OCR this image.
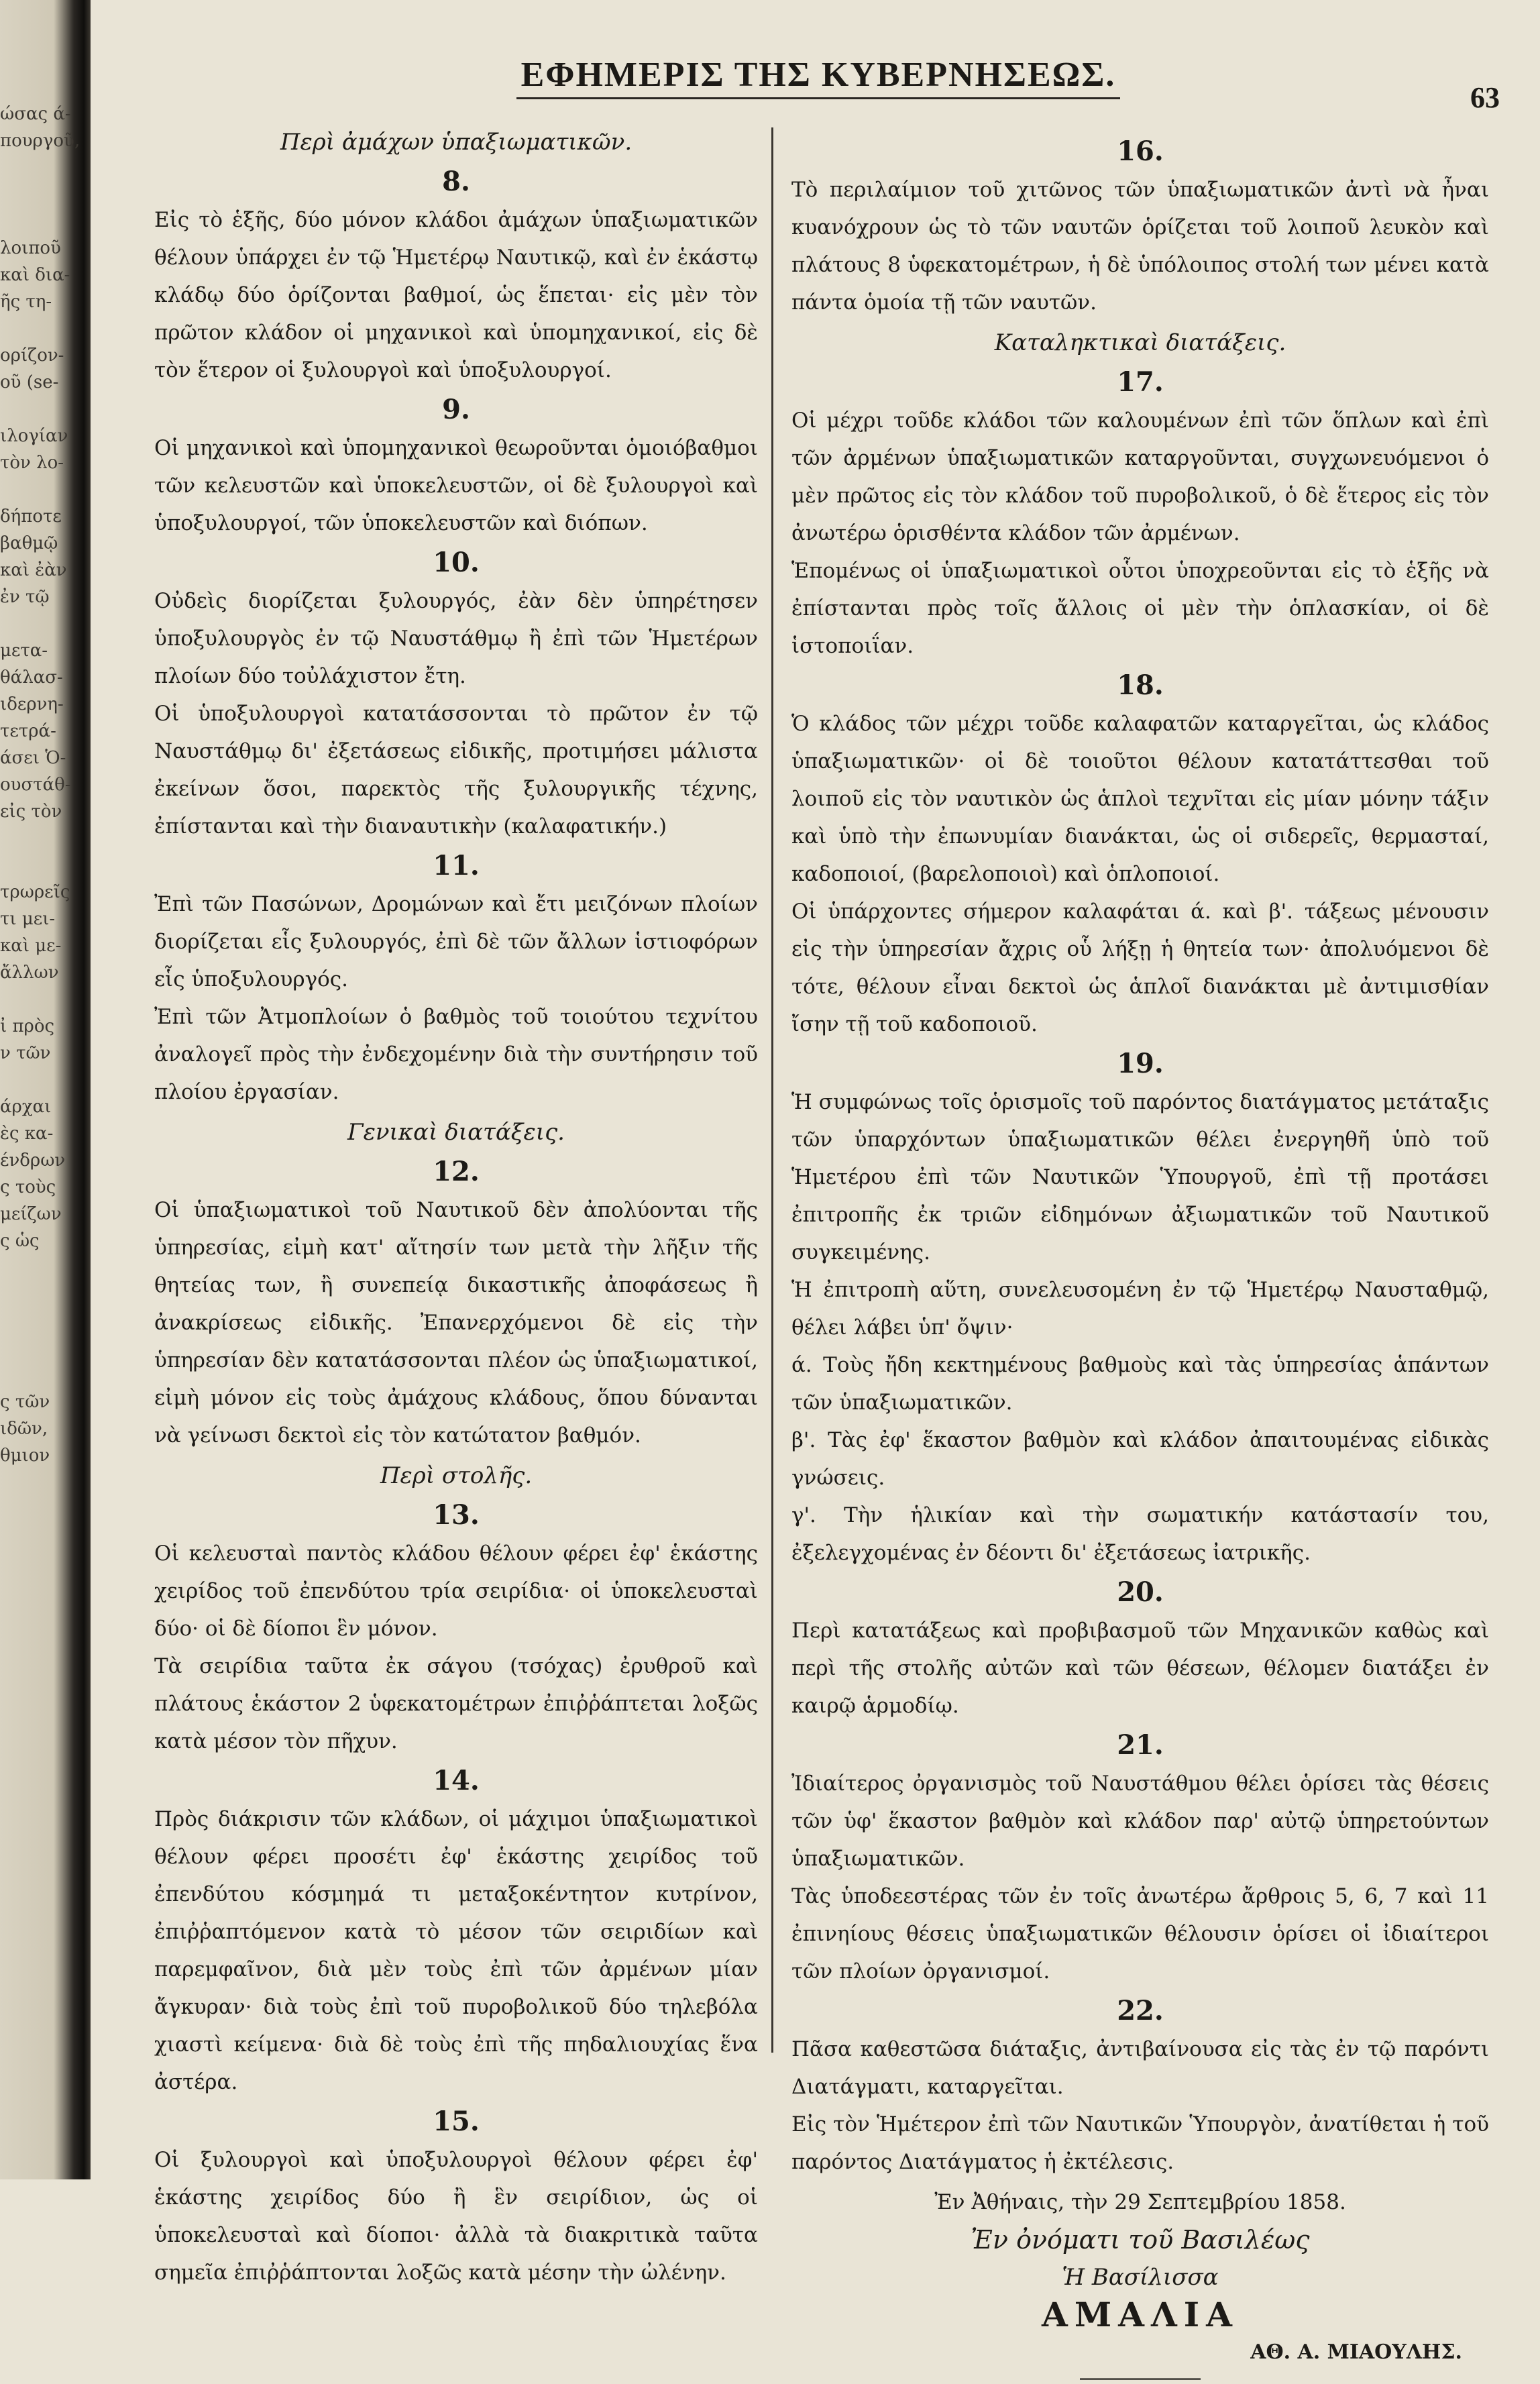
ώσας ά-
πουργοῦ,
λοιποῦ
καὶ δια-
ῆς τη-
ορίζον-
οῦ (se-
ιλογίαν
τὸν λο-
δήποτε
βαθμῷ
καὶ ἐὰν
ἐν τῷ
μετα-
θάλασ-
ιδερνη-
τετρά-
άσει Ὁ-
ουστάθ-
εἰς τὸν
τρωρεῖς
τι μει-
καὶ με-
ἄλλων
ἰ πρὸς
ν τῶν
άρχαι
ὲς κα-
ένδρων
ς τοὺς
μείζων
ς ὡς
ς τῶν
ιδῶν,
θμιον
ΕΦΗΜΕΡΙΣ ΤΗΣ ΚΥΒΕΡΝΗΣΕΩΣ.
63
Περὶ ἀμάχων ὑπαξιωματικῶν.
8.

Εἰς τὸ ἑξῆς, δύο μόνον κλάδοι ἀμάχων ὑπαξιωματικῶν θέλουν ὑπάρχει ἐν τῷ Ἡμετέρῳ Ναυτικῷ, καὶ ἐν ἑκάστῳ κλάδῳ δύο ὁρίζονται βαθμοί, ὡς ἕπεται· εἰς μὲν τὸν πρῶτον κλάδον οἱ μηχανικοὶ καὶ ὑπομηχανικοί, εἰς δὲ τὸν ἕτερον οἱ ξυλουργοὶ καὶ ὑποξυλουργοί.

9.

Οἱ μηχανικοὶ καὶ ὑπομηχανικοὶ θεωροῦνται ὁμοιόβαθμοι τῶν κελευστῶν καὶ ὑποκελευστῶν, οἱ δὲ ξυλουργοὶ καὶ ὑποξυλουργοί, τῶν ὑποκελευστῶν καὶ διόπων.

10.

Οὐδεὶς διορίζεται ξυλουργός, ἐὰν δὲν ὑπηρέτησεν ὑποξυλουργὸς ἐν τῷ Ναυστάθμῳ ἢ ἐπὶ τῶν Ἡμετέρων πλοίων δύο τοὐλάχιστον ἔτη.

Οἱ ὑποξυλουργοὶ κατατάσσονται τὸ πρῶτον ἐν τῷ Ναυστάθμῳ δι' ἐξετάσεως εἰδικῆς, προτιμήσει μάλιστα ἐκείνων ὅσοι, παρεκτὸς τῆς ξυλουργικῆς τέχνης, ἐπίστανται καὶ τὴν διαναυτικὴν (καλαφατικήν.)

11.

Ἐπὶ τῶν Πασώνων, Δρομώνων καὶ ἔτι μειζόνων πλοίων διορίζεται εἷς ξυλουργός, ἐπὶ δὲ τῶν ἄλλων ἱστιοφόρων εἷς ὑποξυλουργός.

Ἐπὶ τῶν Ἀτμοπλοίων ὁ βαθμὸς τοῦ τοιούτου τεχνίτου ἀναλογεῖ πρὸς τὴν ἐνδεχομένην διὰ τὴν συντήρησιν τοῦ πλοίου ἐργασίαν.

Γενικαὶ διατάξεις.
12.

Οἱ ὑπαξιωματικοὶ τοῦ Ναυτικοῦ δὲν ἀπολύονται τῆς ὑπηρεσίας, εἰμὴ κατ' αἴτησίν των μετὰ τὴν λῆξιν τῆς θητείας των, ἢ συνεπείᾳ δικαστικῆς ἀποφάσεως ἢ ἀνακρίσεως εἰδικῆς. Ἐπανερχόμενοι δὲ εἰς τὴν ὑπηρεσίαν δὲν κατατάσσονται πλέον ὡς ὑπαξιωματικοί, εἰμὴ μόνον εἰς τοὺς ἀμάχους κλάδους, ὅπου δύνανται νὰ γείνωσι δεκτοὶ εἰς τὸν κατώτατον βαθμόν.

Περὶ στολῆς.
13.

Οἱ κελευσταὶ παντὸς κλάδου θέλουν φέρει ἐφ' ἑκάστης χειρίδος τοῦ ἐπενδύτου τρία σειρίδια· οἱ ὑποκελευσταὶ δύο· οἱ δὲ δίοποι ἓν μόνον.

Τὰ σειρίδια ταῦτα ἐκ σάγου (τσόχας) ἐρυθροῦ καὶ πλάτους ἑκάστον 2 ὑφεκατομέτρων ἐπιῤῥάπτεται λοξῶς κατὰ μέσον τὸν πῆχυν.

14.

Πρὸς διάκρισιν τῶν κλάδων, οἱ μάχιμοι ὑπαξιωματικοὶ θέλουν φέρει προσέτι ἐφ' ἑκάστης χειρίδος τοῦ ἐπενδύτου κόσμημά τι μεταξοκέντητον κυτρίνον, ἐπιῤῥαπτόμενον κατὰ τὸ μέσον τῶν σειριδίων καὶ παρεμφαῖνον, διὰ μὲν τοὺς ἐπὶ τῶν ἀρμένων μίαν ἄγκυραν· διὰ τοὺς ἐπὶ τοῦ πυροβολικοῦ δύο τηλεβόλα χιαστὶ κείμενα· διὰ δὲ τοὺς ἐπὶ τῆς πηδαλιουχίας ἕνα ἀστέρα.

15.

Οἱ ξυλουργοὶ καὶ ὑποξυλουργοὶ θέλουν φέρει ἐφ' ἑκάστης χειρίδος δύο ἢ ἓν σειρίδιον, ὡς οἱ ὑποκελευσταὶ καὶ δίοποι· ἀλλὰ τὰ διακριτικὰ ταῦτα σημεῖα ἐπιῤῥάπτονται λοξῶς κατὰ μέσην τὴν ὠλένην.

16.

Τὸ περιλαίμιον τοῦ χιτῶνος τῶν ὑπαξιωματικῶν ἀντὶ νὰ ἦναι κυανόχρουν ὡς τὸ τῶν ναυτῶν ὁρίζεται τοῦ λοιποῦ λευκὸν καὶ πλάτους 8 ὑφεκατομέτρων, ἡ δὲ ὑπόλοιπος στολή των μένει κατὰ πάντα ὁμοία τῇ τῶν ναυτῶν.

Καταληκτικαὶ διατάξεις.
17.

Οἱ μέχρι τοῦδε κλάδοι τῶν καλουμένων ἐπὶ τῶν ὅπλων καὶ ἐπὶ τῶν ἀρμένων ὑπαξιωματικῶν καταργοῦνται, συγχωνευόμενοι ὁ μὲν πρῶτος εἰς τὸν κλάδον τοῦ πυροβολικοῦ, ὁ δὲ ἕτερος εἰς τὸν ἀνωτέρω ὁρισθέντα κλάδον τῶν ἀρμένων.

Ἑπομένως οἱ ὑπαξιωματικοὶ οὗτοι ὑποχρεοῦνται εἰς τὸ ἑξῆς νὰ ἐπίστανται πρὸς τοῖς ἄλλοις οἱ μὲν τὴν ὁπλασκίαν, οἱ δὲ ἱστοποιΐαν.

18.

Ὁ κλάδος τῶν μέχρι τοῦδε καλαφατῶν καταργεῖται, ὡς κλάδος ὑπαξιωματικῶν· οἱ δὲ τοιοῦτοι θέλουν κατατάττεσθαι τοῦ λοιποῦ εἰς τὸν ναυτικὸν ὡς ἁπλοὶ τεχνῖται εἰς μίαν μόνην τάξιν καὶ ὑπὸ τὴν ἐπωνυμίαν διανάκται, ὡς οἱ σιδερεῖς, θερμασταί, καδοποιοί, (βαρελοποιοὶ) καὶ ὁπλοποιοί.

Οἱ ὑπάρχοντες σήμερον καλαφάται ά. καὶ β'. τάξεως μένουσιν εἰς τὴν ὑπηρεσίαν ἄχρις οὗ λήξῃ ἡ θητεία των· ἀπολυόμενοι δὲ τότε, θέλουν εἶναι δεκτοὶ ὡς ἁπλοῖ διανάκται μὲ ἀντιμισθίαν ἴσην τῇ τοῦ καδοποιοῦ.

19.

Ἡ συμφώνως τοῖς ὁρισμοῖς τοῦ παρόντος διατάγματος μετάταξις τῶν ὑπαρχόντων ὑπαξιωματικῶν θέλει ἐνεργηθῆ ὑπὸ τοῦ Ἡμετέρου ἐπὶ τῶν Ναυτικῶν Ὑπουργοῦ, ἐπὶ τῇ προτάσει ἐπιτροπῆς ἐκ τριῶν εἰδημόνων ἀξιωματικῶν τοῦ Ναυτικοῦ συγκειμένης.

Ἡ ἐπιτροπὴ αὕτη, συνελευσομένη ἐν τῷ Ἡμετέρῳ Ναυσταθμῷ, θέλει λάβει ὑπ' ὄψιν·

ά. Τοὺς ἤδη κεκτημένους βαθμοὺς καὶ τὰς ὑπηρεσίας ἁπάντων τῶν ὑπαξιωματικῶν.

β'. Τὰς ἐφ' ἕκαστον βαθμὸν καὶ κλάδον ἀπαιτουμένας εἰδικὰς γνώσεις.

γ'. Τὴν ἡλικίαν καὶ τὴν σωματικήν κατάστασίν του, ἐξελεγχομένας ἐν δέοντι δι' ἐξετάσεως ἰατρικῆς.

20.

Περὶ κατατάξεως καὶ προβιβασμοῦ τῶν Μηχανικῶν καθὼς καὶ περὶ τῆς στολῆς αὐτῶν καὶ τῶν θέσεων, θέλομεν διατάξει ἐν καιρῷ ἁρμοδίῳ.

21.

Ἰδιαίτερος ὀργανισμὸς τοῦ Ναυστάθμου θέλει ὁρίσει τὰς θέσεις τῶν ὑφ' ἕκαστον βαθμὸν καὶ κλάδον παρ' αὐτῷ ὑπηρετούντων ὑπαξιωματικῶν.

Τὰς ὑποδεεστέρας τῶν ἐν τοῖς ἀνωτέρω ἄρθροις 5, 6, 7 καὶ 11 ἐπινηίους θέσεις ὑπαξιωματικῶν θέλουσιν ὁρίσει οἱ ἰδιαίτεροι τῶν πλοίων ὀργανισμοί.

22.

Πᾶσα καθεστῶσα διάταξις, ἀντιβαίνουσα εἰς τὰς ἐν τῷ παρόντι Διατάγματι, καταργεῖται.

Εἰς τὸν Ἡμέτερον ἐπὶ τῶν Ναυτικῶν Ὑπουργὸν, ἀνατίθεται ἡ τοῦ παρόντος Διατάγματος ἡ ἐκτέλεσις.

Ἐν Ἀθήναις, τὴν 29 Σεπτεμβρίου 1858.
Ἐν ὀνόματι τοῦ Βασιλέως
Ἡ Βασίλισσα
ΑΜΑΛΙΑ
ΑΘ. Α. ΜΙΑΟΥΛΗΣ.
